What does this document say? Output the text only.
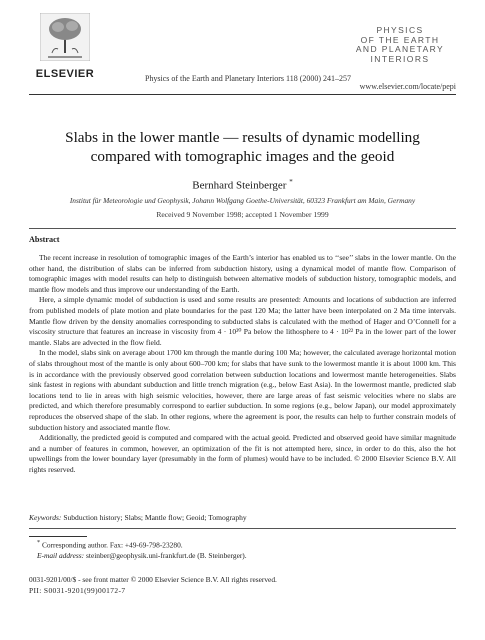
ELSEVIER	Physics of the Earth and Planetary Interiors 118 (2000) 241–257
PHYSICS
OF THE EARTH
AND PLANETARY
INTERIORS
www.elsevier.com/locate/pepi
Slabs in the lower mantle — results of dynamic modelling
compared with tomographic images and the geoid
Bernhard Steinberger *
Institut für Meteorologie und Geophysik, Johann Wolfgang Goethe-Universität, 60323 Frankfurt am Main, Germany
Received 9 November 1998; accepted 1 November 1999
Abstract

The recent increase in resolution of tomographic images of the Earth’s interior has enabled us to ‘‘see’’ slabs in the lower mantle. On the other hand, the distribution of slabs can be inferred from subduction history, using a dynamical model of mantle flow. Comparison of tomographic images with model results can help to distinguish between alternative models of subduction history, tomographic models, and mantle flow models and thus improve our understanding of the Earth.

Here, a simple dynamic model of subduction is used and some results are presented: Amounts and locations of subduction are inferred from published models of plate motion and plate boundaries for the past 120 Ma; the latter have been interpolated on 2 Ma time intervals. Mantle flow driven by the density anomalies corresponding to subducted slabs is calculated with the method of Hager and O’Connell for a viscosity structure that features an increase in viscosity from 4 · 10²⁰ Pa below the lithosphere to 4 · 10²² Pa in the lower part of the lower mantle. Slabs are advected in the flow field.

In the model, slabs sink on average about 1700 km through the mantle during 100 Ma; however, the calculated average horizontal motion of slabs throughout most of the mantle is only about 600–700 km; for slabs that have sunk to the lowermost mantle it is about 1000 km. This is in accordance with the previously observed good correlation between subduction locations and lowermost mantle heterogeneities. Slabs sink fastest in regions with abundant subduction and little trench migration (e.g., below East Asia). In the lowermost mantle, predicted slab locations tend to lie in areas with high seismic velocities, however, there are large areas of fast seismic velocities where no slabs are predicted, and which therefore presumably correspond to earlier subduction. In some regions (e.g., below Japan), our model approximately reproduces the observed shape of the slab. In other regions, where the agreement is poor, the results can help to further constrain models of subduction history and associated mantle flow.

Additionally, the predicted geoid is computed and compared with the actual geoid. Predicted and observed geoid have similar magnitude and a number of features in common, however, an optimization of the fit is not attempted here, since, in order to do this, also the hot upwellings from the lower boundary layer (presumably in the form of plumes) would have to be included. © 2000 Elsevier Science B.V. All rights reserved.

Keywords: Subduction history; Slabs; Mantle flow; Geoid; Tomography
* Corresponding author. Fax: +49-69-798-23280.
E-mail address: steinber@geophysik.uni-frankfurt.de (B. Steinberger).
0031-9201/00/$ - see front matter © 2000 Elsevier Science B.V. All rights reserved.
PII: S0031-9201(99)00172-7
